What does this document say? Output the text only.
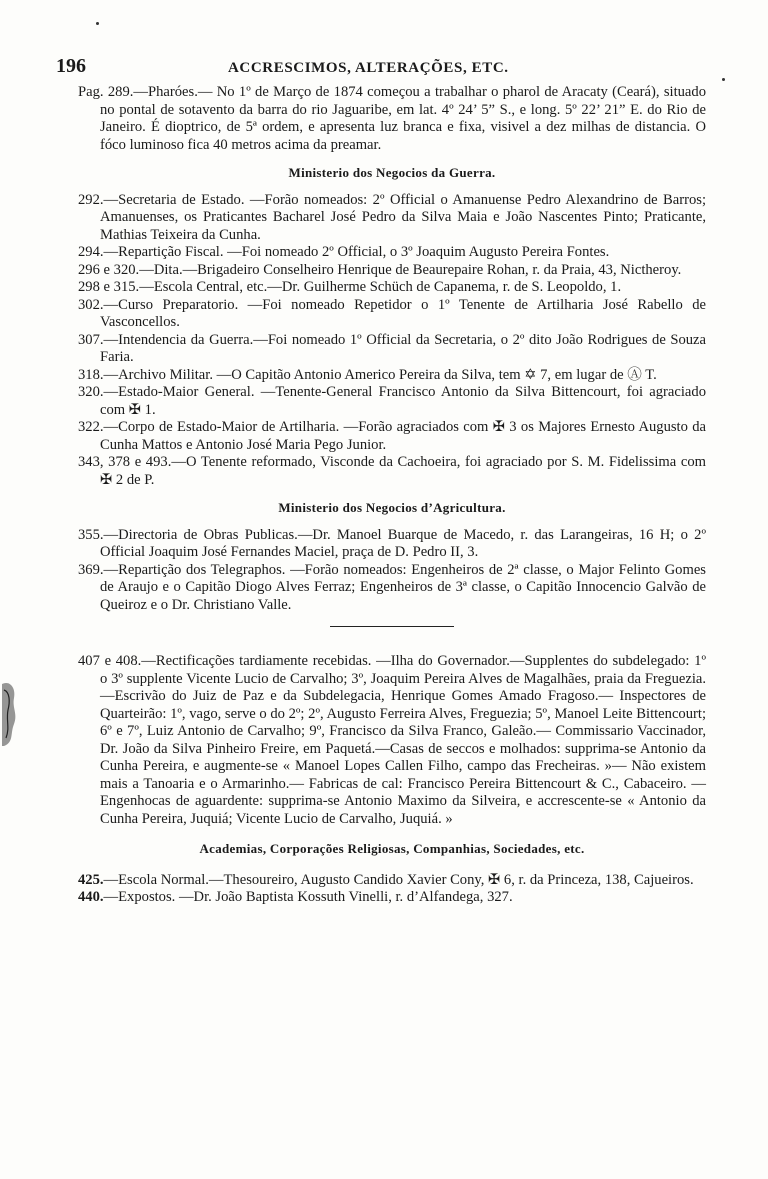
196	ACCRESCIMOS, ALTERAÇÕES, ETC.

Pag. 289.—Pharóes.— No 1º de Março de 1874 começou a trabalhar o pharol de Aracaty (Ceará), situado no pontal de sotavento da barra do rio Jaguaribe, em lat. 4º 24’ 5” S., e long. 5º 22’ 21” E. do Rio de Janeiro. É dioptrico, de 5ª ordem, e apresenta luz branca e fixa, visivel a dez milhas de distancia. O fóco luminoso fica 40 metros acima da preamar.

Ministerio dos Negocios da Guerra.

292.—Secretaria de Estado. —Forão nomeados: 2º Official o Amanuense Pedro Alexandrino de Barros; Amanuenses, os Praticantes Bacharel José Pedro da Silva Maia e João Nascentes Pinto; Praticante, Mathias Teixeira da Cunha.

294.—Repartição Fiscal. —Foi nomeado 2º Official, o 3º Joaquim Augusto Pereira Fontes.

296 e 320.—Dita.—Brigadeiro Conselheiro Henrique de Beaurepaire Rohan, r. da Praia, 43, Nictheroy.

298 e 315.—Escola Central, etc.—Dr. Guilherme Schüch de Capanema, r. de S. Leopoldo, 1.

302.—Curso Preparatorio. —Foi nomeado Repetidor o 1º Tenente de Artilharia José Rabello de Vasconcellos.

307.—Intendencia da Guerra.—Foi nomeado 1º Official da Secretaria, o 2º dito João Rodrigues de Souza Faria.

318.—Archivo Militar. —O Capitão Antonio Americo Pereira da Silva, tem ✡ 7, em lugar de Ⓐ T.

320.—Estado-Maior General. —Tenente-General Francisco Antonio da Silva Bittencourt, foi agraciado com ✠ 1.

322.—Corpo de Estado-Maior de Artilharia. —Forão agraciados com ✠ 3 os Majores Ernesto Augusto da Cunha Mattos e Antonio José Maria Pego Junior.

343, 378 e 493.—O Tenente reformado, Visconde da Cachoeira, foi agraciado por S. M. Fidelissima com ✠ 2 de P.

Ministerio dos Negocios d’Agricultura.

355.—Directoria de Obras Publicas.—Dr. Manoel Buarque de Macedo, r. das Larangeiras, 16 H; o 2º Official Joaquim José Fernandes Maciel, praça de D. Pedro II, 3.

369.—Repartição dos Telegraphos. —Forão nomeados: Engenheiros de 2ª classe, o Major Felinto Gomes de Araujo e o Capitão Diogo Alves Ferraz; Engenheiros de 3ª classe, o Capitão Innocencio Galvão de Queiroz e o Dr. Christiano Valle.

407 e 408.—Rectificações tardiamente recebidas. —Ilha do Governador.—Supplentes do subdelegado: 1º o 3º supplente Vicente Lucio de Carvalho; 3º, Joaquim Pereira Alves de Magalhães, praia da Freguezia.—Escrivão do Juiz de Paz e da Subdelegacia, Henrique Gomes Amado Fragoso.— Inspectores de Quarteirão: 1º, vago, serve o do 2º; 2º, Augusto Ferreira Alves, Freguezia; 5º, Manoel Leite Bittencourt; 6º e 7º, Luiz Antonio de Carvalho; 9º, Francisco da Silva Franco, Galeão.— Commissario Vaccinador, Dr. João da Silva Pinheiro Freire, em Paquetá.—Casas de seccos e molhados: supprima-se Antonio da Cunha Pereira, e augmente-se « Manoel Lopes Callen Filho, campo das Frecheiras. »— Não existem mais a Tanoaria e o Armarinho.— Fabricas de cal: Francisco Pereira Bittencourt & C., Cabaceiro. — Engenhocas de aguardente: supprima-se Antonio Maximo da Silveira, e accrescente-se « Antonio da Cunha Pereira, Juquiá; Vicente Lucio de Carvalho, Juquiá. »

Academias, Corporações Religiosas, Companhias, Sociedades, etc.

425.—Escola Normal.—Thesoureiro, Augusto Candido Xavier Cony, ✠ 6, r. da Princeza, 138, Cajueiros.

440.—Expostos. —Dr. João Baptista Kossuth Vinelli, r. d’Alfandega, 327.
